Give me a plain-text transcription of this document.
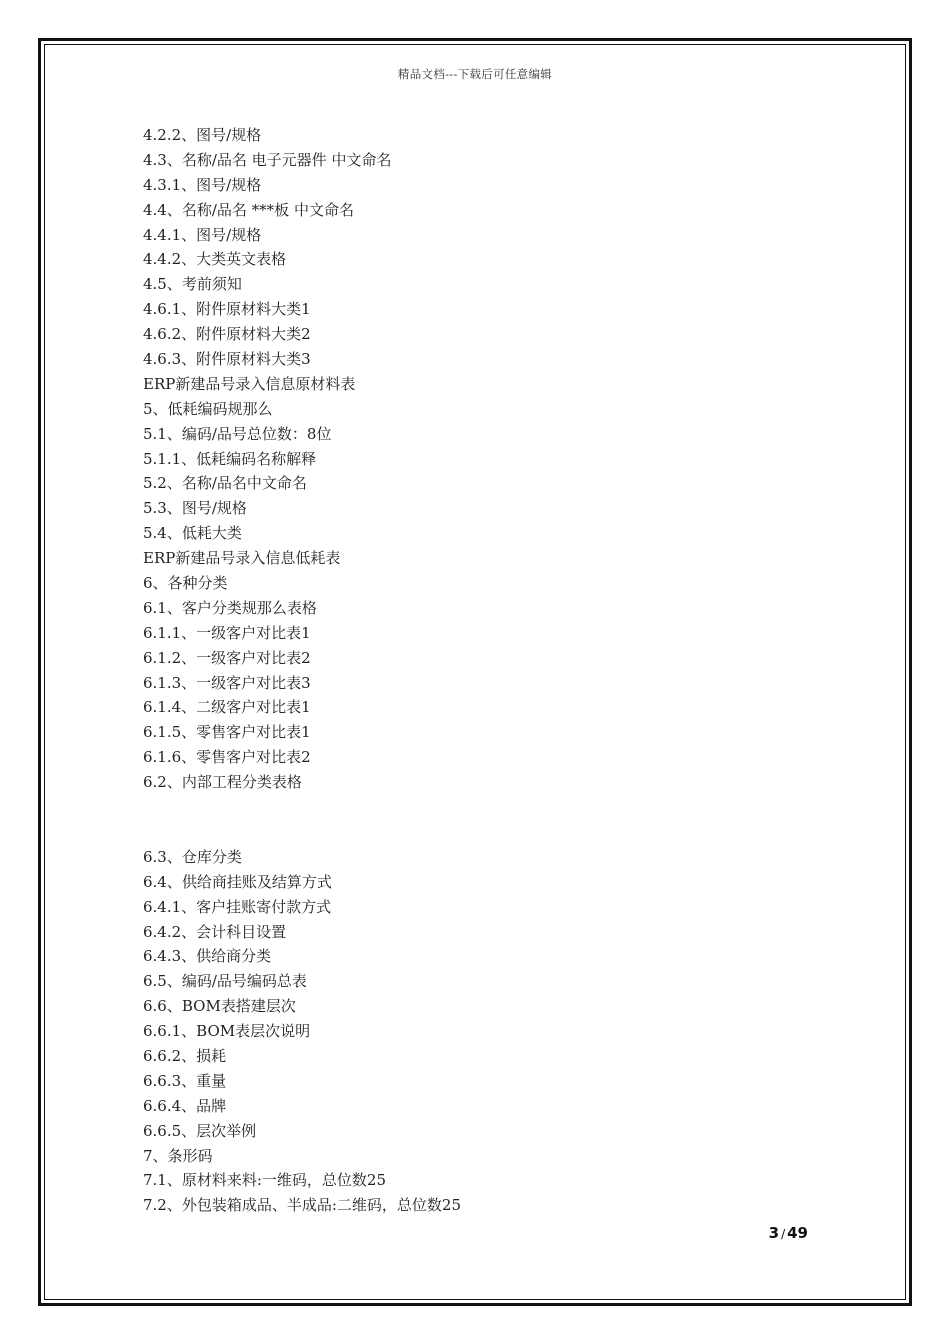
精品文档---下载后可任意编辑
4.2.2、图号/规格
4.3、名称/品名 电子元器件 中文命名
4.3.1、图号/规格
4.4、名称/品名 ***板 中文命名
4.4.1、图号/规格
4.4.2、大类英文表格
4.5、考前须知
4.6.1、附件原材料大类1
4.6.2、附件原材料大类2
4.6.3、附件原材料大类3
ERP新建品号录入信息原材料表
5、低耗编码规那么
5.1、编码/品号总位数：8位
5.1.1、低耗编码名称解释
5.2、名称/品名中文命名
5.3、图号/规格
5.4、低耗大类
ERP新建品号录入信息低耗表
6、各种分类
6.1、客户分类规那么表格
6.1.1、一级客户对比表1
6.1.2、一级客户对比表2
6.1.3、一级客户对比表3
6.1.4、二级客户对比表1
6.1.5、零售客户对比表1
6.1.6、零售客户对比表2
6.2、内部工程分类表格
6.3、仓库分类
6.4、供给商挂账及结算方式
6.4.1、客户挂账寄付款方式
6.4.2、会计科目设置
6.4.3、供给商分类
6.5、编码/品号编码总表
6.6、BOM表搭建层次
6.6.1、BOM表层次说明
6.6.2、损耗
6.6.3、重量
6.6.4、品牌
6.6.5、层次举例
7、条形码
7.1、原材料来料:一维码，总位数25
7.2、外包装箱成品、半成品:二维码，总位数25
3 / 49
